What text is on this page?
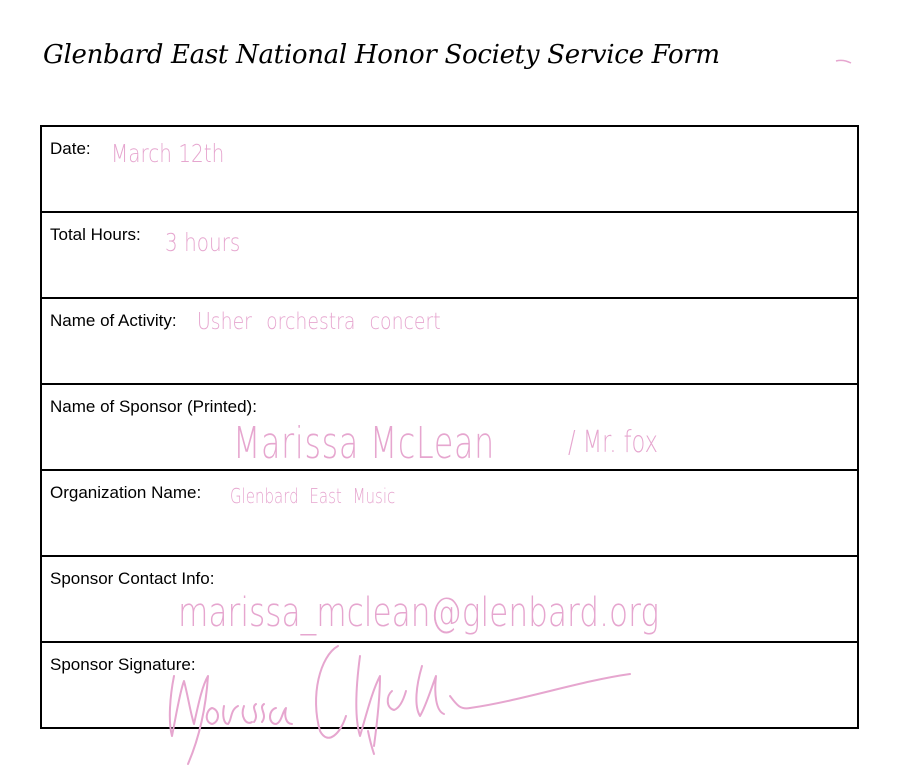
Glenbard East National Honor Society Service Form
Date:
Total Hours:
Name of Activity:
Name of Sponsor (Printed):
Organization Name:
Sponsor Contact Info:
Sponsor Signature:
March 12th
3 hours
Usher orchestra concert
Marissa McLean / Mr. fox
Glenbard East Music
marissa_mclean@glenbard.org
